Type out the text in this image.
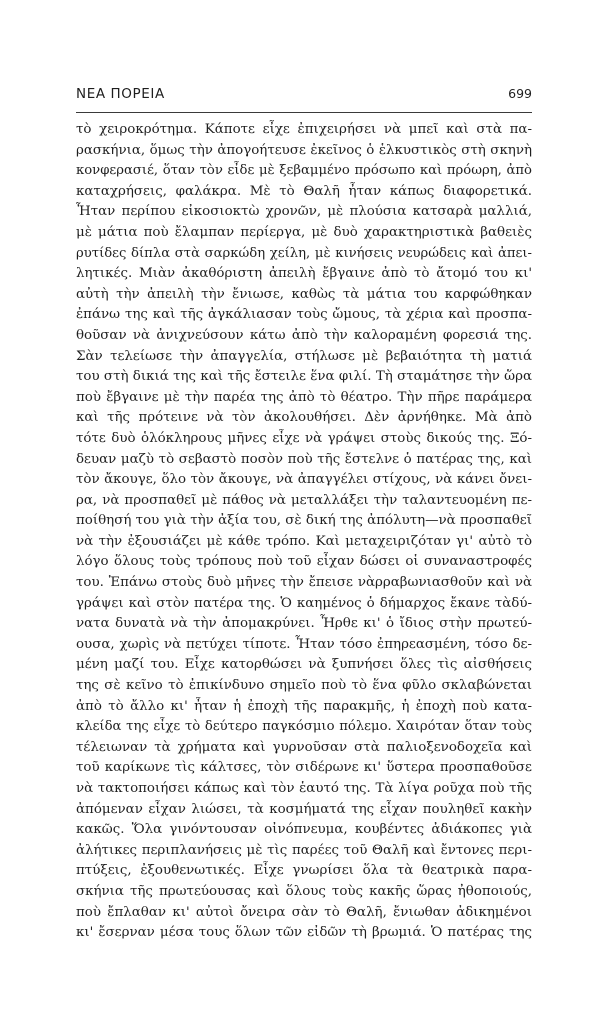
ΝΕΑ ΠΟΡΕΙΑ	699
τὸ χειροκρότημα. Κάποτε εἶχε ἐπιχειρήσει νὰ μπεῖ καὶ στὰ πα-
ρασκήνια, ὅμως τὴν ἀπογοήτευσε ἐκεῖνος ὁ ἑλκυστικὸς στὴ σκηνὴ
κονφερασιέ, ὅταν τὸν εἶδε μὲ ξεβαμμένο πρόσωπο καὶ πρόωρη, ἀπὸ
καταχρήσεις, φαλάκρα. Μὲ τὸ Θαλῆ ἦταν κάπως διαφορετικά.
Ἦταν περίπου εἰκοσιοκτὼ χρονῶν, μὲ πλούσια κατσαρὰ μαλλιά,
μὲ μάτια ποὺ ἔλαμπαν περίεργα, μὲ δυὸ χαρακτηριστικὰ βαθειὲς
ρυτίδες δίπλα στὰ σαρκώδη χείλη, μὲ κινήσεις νευρώδεις καὶ ἀπει-
λητικές. Μιὰν ἀκαθόριστη ἀπειλὴ ἔβγαινε ἀπὸ τὸ ἄτομό του κι'
αὐτὴ τὴν ἀπειλὴ τὴν ἔνιωσε, καθὼς τὰ μάτια του καρφώθηκαν
ἐπάνω της καὶ τῆς ἀγκάλιασαν τοὺς ὤμους, τὰ χέρια καὶ προσπα-
θοῦσαν νὰ ἀνιχνεύσουν κάτω ἀπὸ τὴν καλοραμένη φορεσιά της.
Σὰν τελείωσε τὴν ἀπαγγελία, στήλωσε μὲ βεβαιότητα τὴ ματιά
του στὴ δικιά της καὶ τῆς ἔστειλε ἕνα φιλί. Τὴ σταμάτησε τὴν ὥρα
ποὺ ἔβγαινε μὲ τὴν παρέα της ἀπὸ τὸ θέατρο. Τὴν πῆρε παράμερα
καὶ τῆς πρότεινε νὰ τὸν ἀκολουθήσει. Δὲν ἀρνήθηκε. Μὰ ἀπὸ
τότε δυὸ ὁλόκληρους μῆνες εἶχε νὰ γράψει στοὺς δικούς της. Ξό-
δευαν μαζὺ τὸ σεβαστὸ ποσὸν ποὺ τῆς ἔστελνε ὁ πατέρας της, καὶ
τὸν ἄκουγε, ὅλο τὸν ἄκουγε, νὰ ἀπαγγέλει στίχους, νὰ κάνει ὄνει-
ρα, νὰ προσπαθεῖ μὲ πάθος νὰ μεταλλάξει τὴν ταλαντευομένη πε-
ποίθησή του γιὰ τὴν ἀξία του, σὲ δική της ἀπόλυτη—νὰ προσπαθεῖ
νὰ τὴν ἐξουσιάζει μὲ κάθε τρόπο. Καὶ μεταχειριζόταν γι' αὐτὸ τὸ
λόγο ὅλους τοὺς τρόπους ποὺ τοῦ εἶχαν δώσει οἱ συναναστροφές
του. Ἐπάνω στοὺς δυὸ μῆνες τὴν ἔπεισε νὰρραβωνιασθοῦν καὶ νὰ
γράψει καὶ στὸν πατέρα της. Ὁ καημένος ὁ δήμαρχος ἔκανε τὰδύ-
νατα δυνατὰ νὰ τὴν ἀπομακρύνει. Ἦρθε κι' ὁ ἴδιος στὴν πρωτεύ-
ουσα, χωρὶς νὰ πετύχει τίποτε. Ἦταν τόσο ἐπηρεασμένη, τόσο δε-
μένη μαζί του. Εἶχε κατορθώσει νὰ ξυπνήσει ὅλες τὶς αἰσθήσεις
της σὲ κεῖνο τὸ ἐπικίνδυνο σημεῖο ποὺ τὸ ἕνα φῦλο σκλαβώνεται
ἀπὸ τὸ ἄλλο κι' ἦταν ἡ ἐποχὴ τῆς παρακμῆς, ἡ ἐποχὴ ποὺ κατα-
κλείδα της εἶχε τὸ δεύτερο παγκόσμιο πόλεμο. Χαιρόταν ὅταν τοὺς
τέλειωναν τὰ χρήματα καὶ γυρνοῦσαν στὰ παλιοξενοδοχεῖα καὶ
τοῦ καρίκωνε τὶς κάλτσες, τὸν σιδέρωνε κι' ὕστερα προσπαθοῦσε
νὰ τακτοποιήσει κάπως καὶ τὸν ἑαυτό της. Τὰ λίγα ροῦχα ποὺ τῆς
ἀπόμεναν εἶχαν λιώσει, τὰ κοσμήματά της εἶχαν πουληθεῖ κακὴν
κακῶς. Ὅλα γινόντουσαν οἰνόπνευμα, κουβέντες ἀδιάκοπες γιὰ
ἀλήτικες περιπλανήσεις μὲ τὶς παρέες τοῦ Θαλῆ καὶ ἔντονες περι-
πτύξεις, ἐξουθενωτικές. Εἶχε γνωρίσει ὅλα τὰ θεατρικὰ παρα-
σκήνια τῆς πρωτεύουσας καὶ ὅλους τοὺς κακῆς ὥρας ἠθοποιούς,
ποὺ ἔπλαθαν κι' αὐτοὶ ὄνειρα σὰν τὸ Θαλῆ, ἔνιωθαν ἀδικημένοι
κι' ἔσερναν μέσα τους ὅλων τῶν εἰδῶν τὴ βρωμιά. Ὁ πατέρας της
